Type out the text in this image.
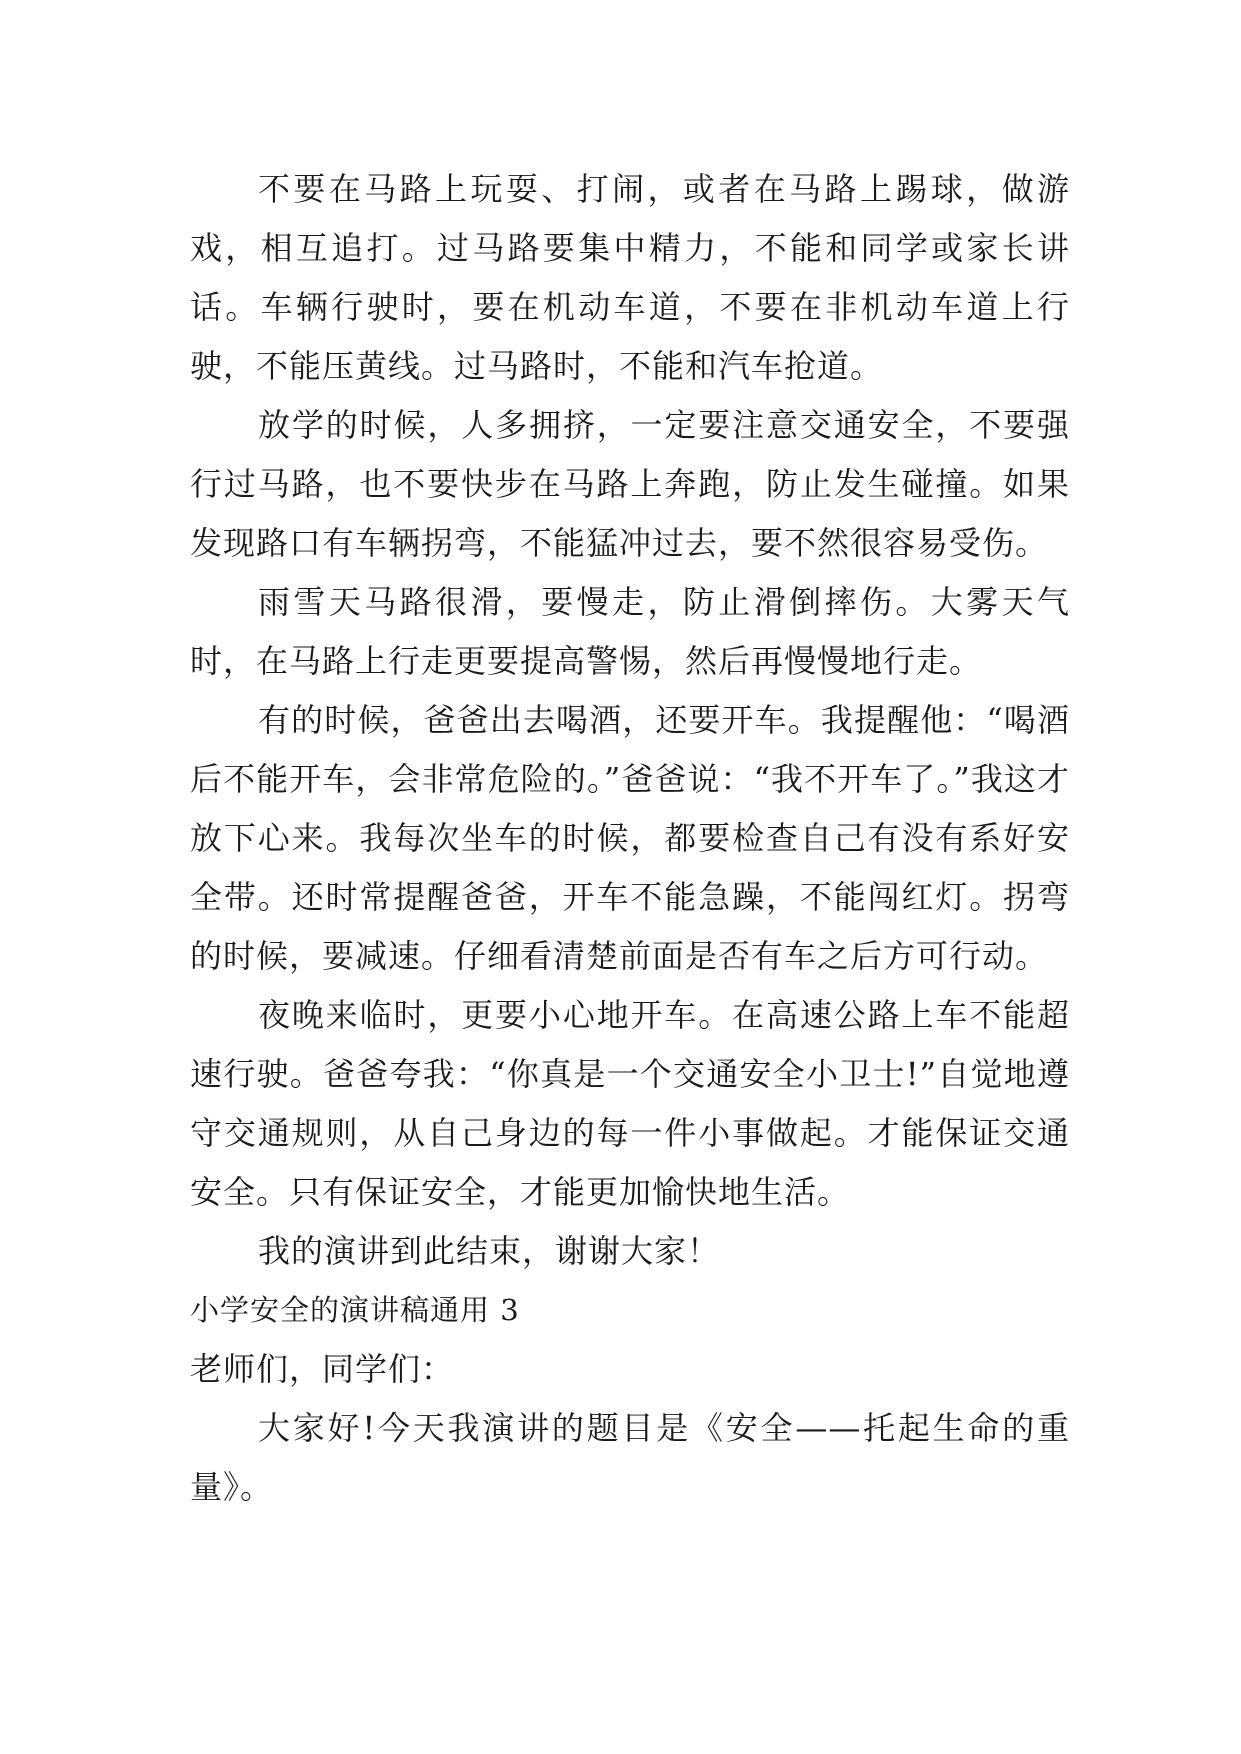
不要在马路上玩耍、打闹，或者在马路上踢球，做游戏，相互追打。过马路要集中精力，不能和同学或家长讲话。车辆行驶时，要在机动车道，不要在非机动车道上行驶，不能压黄线。过马路时，不能和汽车抢道。

放学的时候，人多拥挤，一定要注意交通安全，不要强行过马路，也不要快步在马路上奔跑，防止发生碰撞。如果发现路口有车辆拐弯，不能猛冲过去，要不然很容易受伤。

雨雪天马路很滑，要慢走，防止滑倒摔伤。大雾天气时，在马路上行走更要提高警惕，然后再慢慢地行走。

有的时候，爸爸出去喝酒，还要开车。我提醒他：“喝酒后不能开车，会非常危险的。”爸爸说：“我不开车了。”我这才放下心来。我每次坐车的时候，都要检查自己有没有系好安全带。还时常提醒爸爸，开车不能急躁，不能闯红灯。拐弯的时候，要减速。仔细看清楚前面是否有车之后方可行动。

夜晚来临时，更要小心地开车。在高速公路上车不能超速行驶。爸爸夸我：“你真是一个交通安全小卫士!”自觉地遵守交通规则，从自己身边的每一件小事做起。才能保证交通安全。只有保证安全，才能更加愉快地生活。

我的演讲到此结束，谢谢大家！

小学安全的演讲稿通用 3

老师们，同学们：

大家好!今天我演讲的题目是《安全——托起生命的重量》。
